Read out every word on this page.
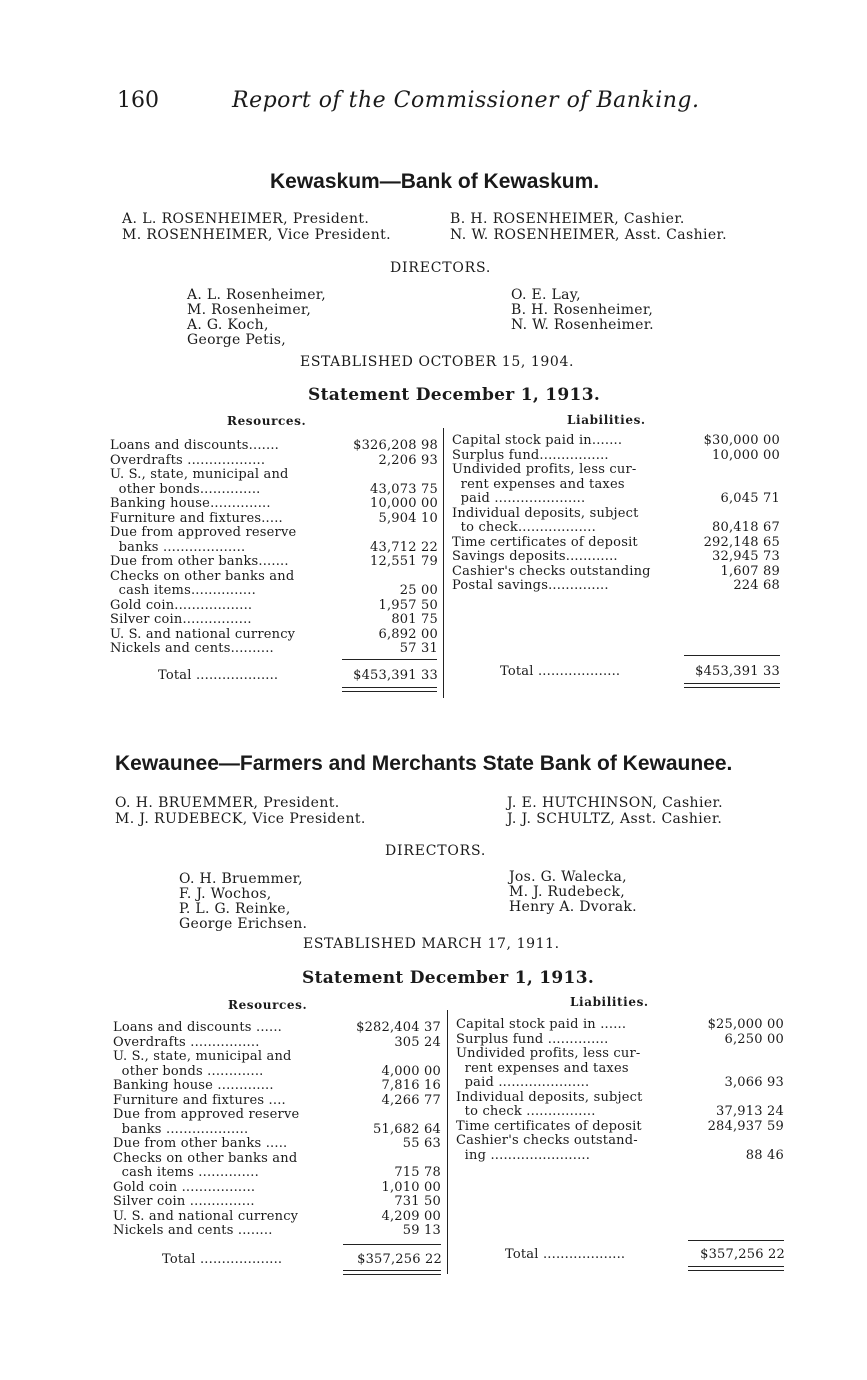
160	Report of the Commissioner of Banking.
Kewaskum—Bank of Kewaskum.
A. L. ROSENHEIMER, President.
M. ROSENHEIMER, Vice President.
B. H. ROSENHEIMER, Cashier.
N. W. ROSENHEIMER, Asst. Cashier.
DIRECTORS.
A. L. Rosenheimer,
M. Rosenheimer,
A. G. Koch,
George Petis,
O. E. Lay,
B. H. Rosenheimer,
N. W. Rosenheimer.
ESTABLISHED OCTOBER 15, 1904.
Statement December 1, 1913.
Resources.	Liabilities.
Loans and discounts.......	$326,208 98
Overdrafts ..................	2,206 93
U. S., state, municipal and
other bonds..............	43,073 75
Banking house..............	10,000 00
Furniture and fixtures.....	5,904 10
Due from approved reserve
banks ...................	43,712 22
Due from other banks.......	12,551 79
Checks on other banks and
cash items...............	25 00
Gold coin..................	1,957 50
Silver coin................	801 75
U. S. and national currency	6,892 00
Nickels and cents..........	57 31
Capital stock paid in.......	$30,000 00
Surplus fund................	10,000 00
Undivided profits, less cur-
rent expenses and taxes
paid .....................	6,045 71
Individual deposits, subject
to check..................	80,418 67
Time certificates of deposit	292,148 65
Savings deposits............	32,945 73
Cashier's checks outstanding	1,607 89
Postal savings..............	224 68
Total ...................	$453,391 33	Total ...................	$453,391 33
Kewaunee—Farmers and Merchants State Bank of Kewaunee.
O. H. BRUEMMER, President.
M. J. RUDEBECK, Vice President.
J. E. HUTCHINSON, Cashier.
J. J. SCHULTZ, Asst. Cashier.
DIRECTORS.
O. H. Bruemmer,
F. J. Wochos,
P. L. G. Reinke,
George Erichsen.
Jos. G. Walecka,
M. J. Rudebeck,
Henry A. Dvorak.
ESTABLISHED MARCH 17, 1911.
Statement December 1, 1913.
Resources.	Liabilities.
Loans and discounts ......	$282,404 37
Overdrafts ................	305 24
U. S., state, municipal and
other bonds .............	4,000 00
Banking house .............	7,816 16
Furniture and fixtures ....	4,266 77
Due from approved reserve
banks ...................	51,682 64
Due from other banks .....	55 63
Checks on other banks and
cash items ..............	715 78
Gold coin .................	1,010 00
Silver coin ...............	731 50
U. S. and national currency	4,209 00
Nickels and cents ........	59 13
Capital stock paid in ......	$25,000 00
Surplus fund ..............	6,250 00
Undivided profits, less cur-
rent expenses and taxes
paid .....................	3,066 93
Individual deposits, subject
to check ................	37,913 24
Time certificates of deposit	284,937 59
Cashier's checks outstand-
ing .......................	88 46
Total ...................	$357,256 22	Total ...................	$357,256 22
